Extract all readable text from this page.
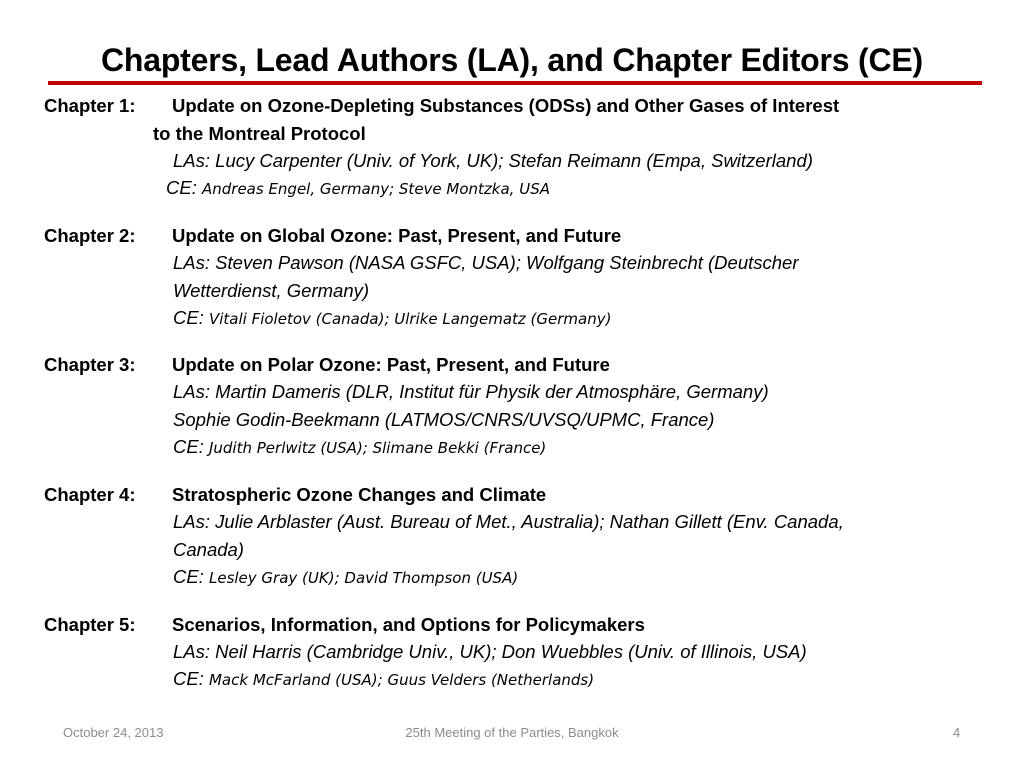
Chapters, Lead Authors (LA), and Chapter Editors (CE)
Chapter 1: Update on Ozone-Depleting Substances (ODSs) and Other Gases of Interest
to the Montreal Protocol
LAs: Lucy Carpenter (Univ. of York, UK); Stefan Reimann (Empa, Switzerland)
CE: Andreas Engel, Germany; Steve Montzka, USA
Chapter 2: Update on Global Ozone: Past, Present, and Future
LAs: Steven Pawson (NASA GSFC, USA); Wolfgang Steinbrecht (Deutscher
Wetterdienst, Germany)
CE: Vitali Fioletov (Canada); Ulrike Langematz (Germany)
Chapter 3: Update on Polar Ozone: Past, Present, and Future
LAs: Martin Dameris (DLR, Institut für Physik der Atmosphäre, Germany)
Sophie Godin-Beekmann (LATMOS/CNRS/UVSQ/UPMC, France)
CE: Judith Perlwitz (USA); Slimane Bekki (France)
Chapter 4: Stratospheric Ozone Changes and Climate
LAs: Julie Arblaster (Aust. Bureau of Met., Australia); Nathan Gillett (Env. Canada,
Canada)
CE: Lesley Gray (UK); David Thompson (USA)
Chapter 5: Scenarios, Information, and Options for Policymakers
LAs: Neil Harris (Cambridge Univ., UK); Don Wuebbles (Univ. of Illinois, USA)
CE: Mack McFarland (USA); Guus Velders (Netherlands)
October 24, 2013	25th Meeting of the Parties, Bangkok	4
